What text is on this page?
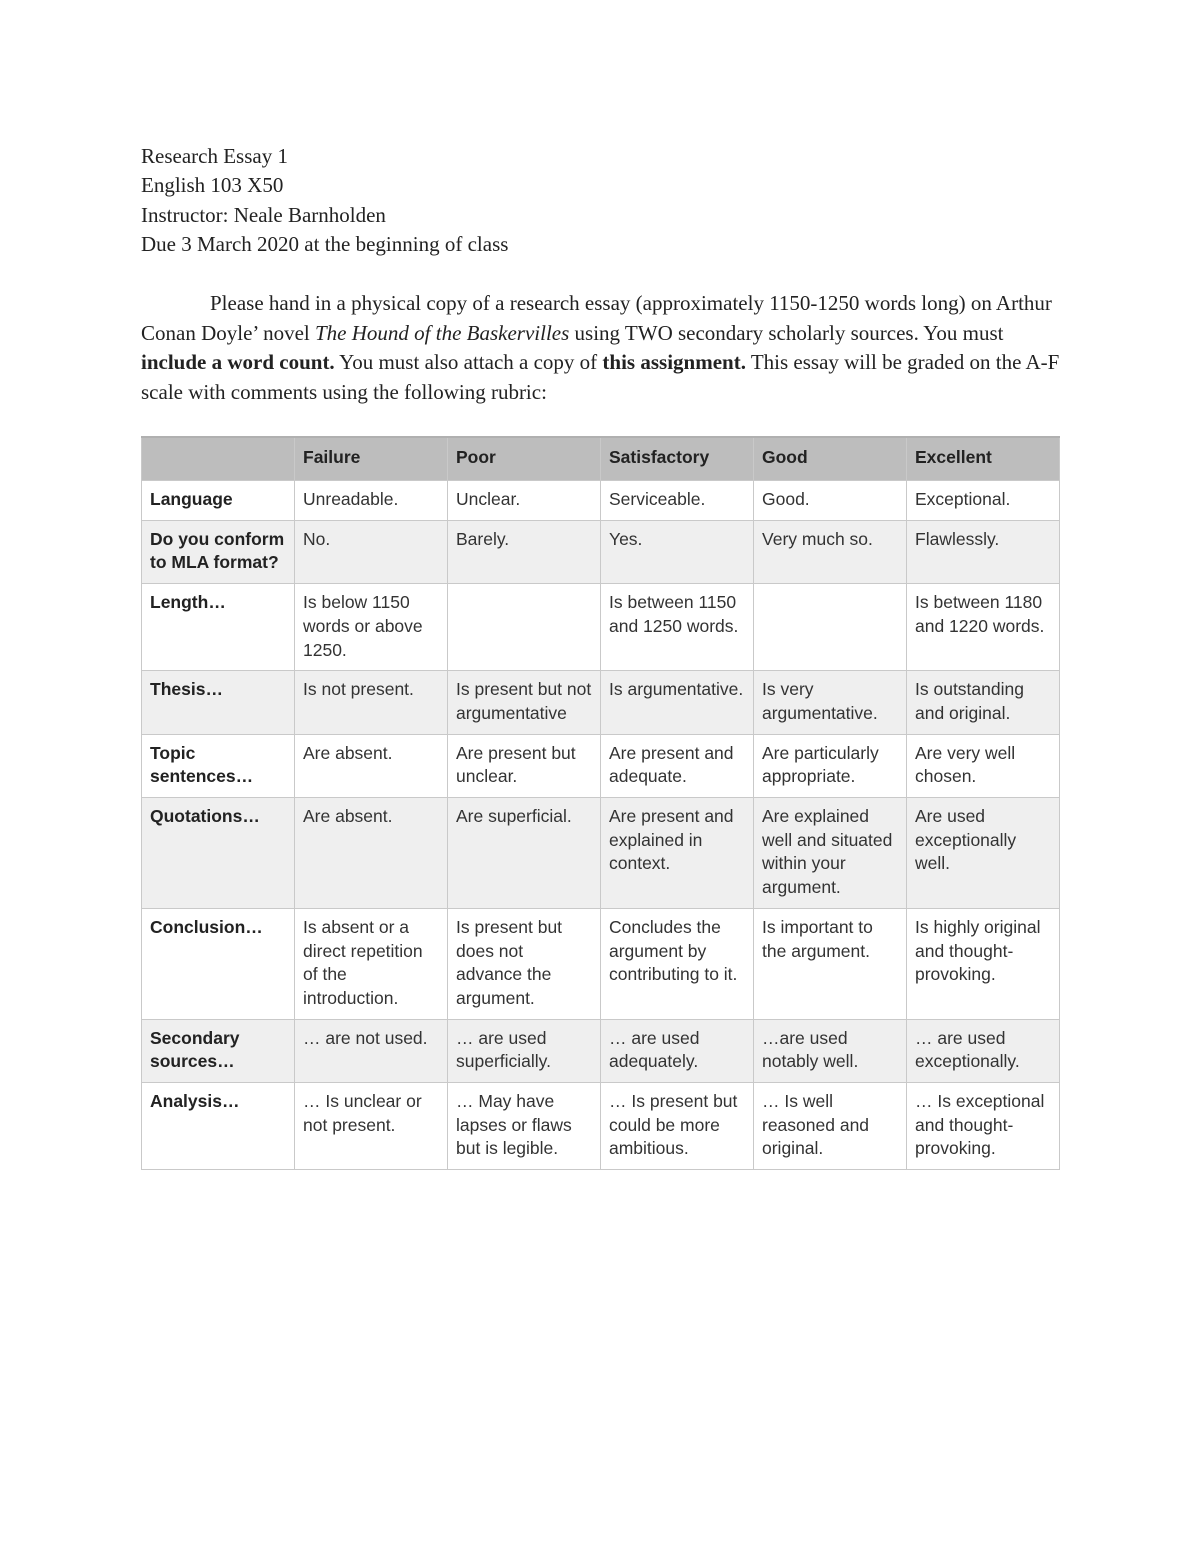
Research Essay 1
English 103 X50
Instructor: Neale Barnholden
Due 3 March 2020 at the beginning of class

Please hand in a physical copy of a research essay (approximately 1150-1250 words long) on Arthur Conan Doyle’ novel The Hound of the Baskervilles using TWO secondary scholarly sources. You must include a word count. You must also attach a copy of this assignment. This essay will be graded on the A-F scale with comments using the following rubric:

	Failure	Poor	Satisfactory	Good	Excellent
Language	Unreadable.	Unclear.	Serviceable.	Good.	Exceptional.
Do you conform to MLA format?	No.	Barely.	Yes.	Very much so.	Flawlessly.
Length…	Is below 1150 words or above 1250.		Is between 1150 and 1250 words.		Is between 1180 and 1220 words.
Thesis…	Is not present.	Is present but not argumentative	Is argumentative.	Is very argumentative.	Is outstanding and original.
Topic sentences…	Are absent.	Are present but unclear.	Are present and adequate.	Are particularly appropriate.	Are very well chosen.
Quotations…	Are absent.	Are superficial.	Are present and explained in context.	Are explained well and situated within your argument.	Are used exceptionally well.
Conclusion…	Is absent or a direct repetition of the introduction.	Is present but does not advance the argument.	Concludes the argument by contributing to it.	Is important to the argument.	Is highly original and thought-provoking.
Secondary sources…	… are not used.	… are used superficially.	… are used adequately.	…are used notably well.	… are used exceptionally.
Analysis…	… Is unclear or not present.	… May have lapses or flaws but is legible.	… Is present but could be more ambitious.	… Is well reasoned and original.	… Is exceptional and thought-provoking.
